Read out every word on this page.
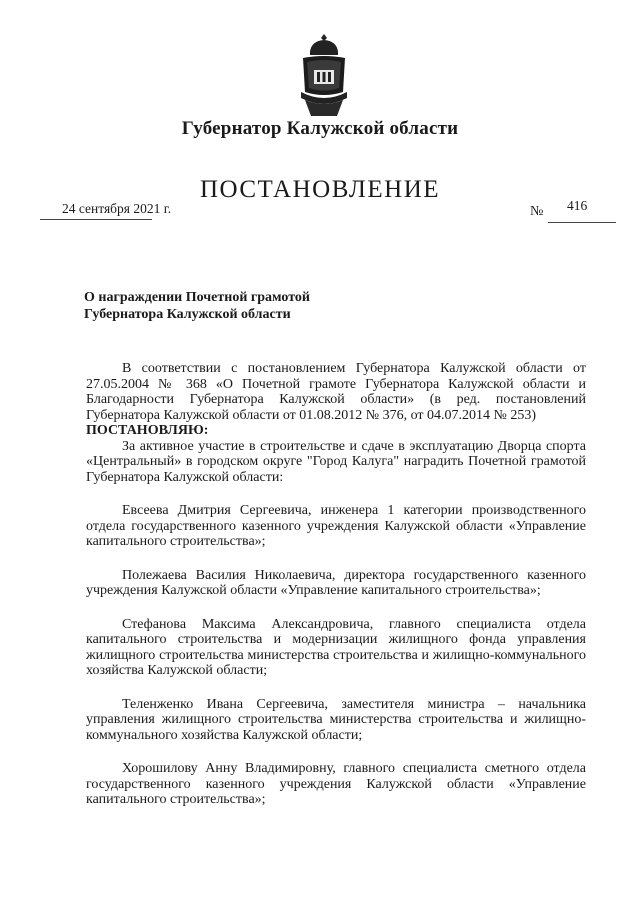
Губернатор Калужской области
ПОСТАНОВЛЕНИЕ
24 сентября 2021 г.	№ 416
О награждении Почетной грамотой
Губернатора Калужской области

В соответствии с постановлением Губернатора Калужской области от 27.05.2004 № 368 «О Почетной грамоте Губернатора Калужской области и Благодарности Губернатора Калужской области» (в ред. постановлений Губернатора Калужской области от 01.08.2012 № 376, от 04.07.2014 № 253)

ПОСТАНОВЛЯЮ:

За активное участие в строительстве и сдаче в эксплуатацию Дворца спорта «Центральный» в городском округе "Город Калуга" наградить Почетной грамотой Губернатора Калужской области:

Евсеева Дмитрия Сергеевича, инженера 1 категории производственного отдела государственного казенного учреждения Калужской области «Управление капитального строительства»;

Полежаева Василия Николаевича, директора государственного казенного учреждения Калужской области «Управление капитального строительства»;

Стефанова Максима Александровича, главного специалиста отдела капитального строительства и модернизации жилищного фонда управления жилищного строительства министерства строительства и жилищно-коммунального хозяйства Калужской области;

Теленженко Ивана Сергеевича, заместителя министра – начальника управления жилищного строительства министерства строительства и жилищно-коммунального хозяйства Калужской области;

Хорошилову Анну Владимировну, главного специалиста сметного отдела государственного казенного учреждения Калужской области «Управление капитального строительства»;
